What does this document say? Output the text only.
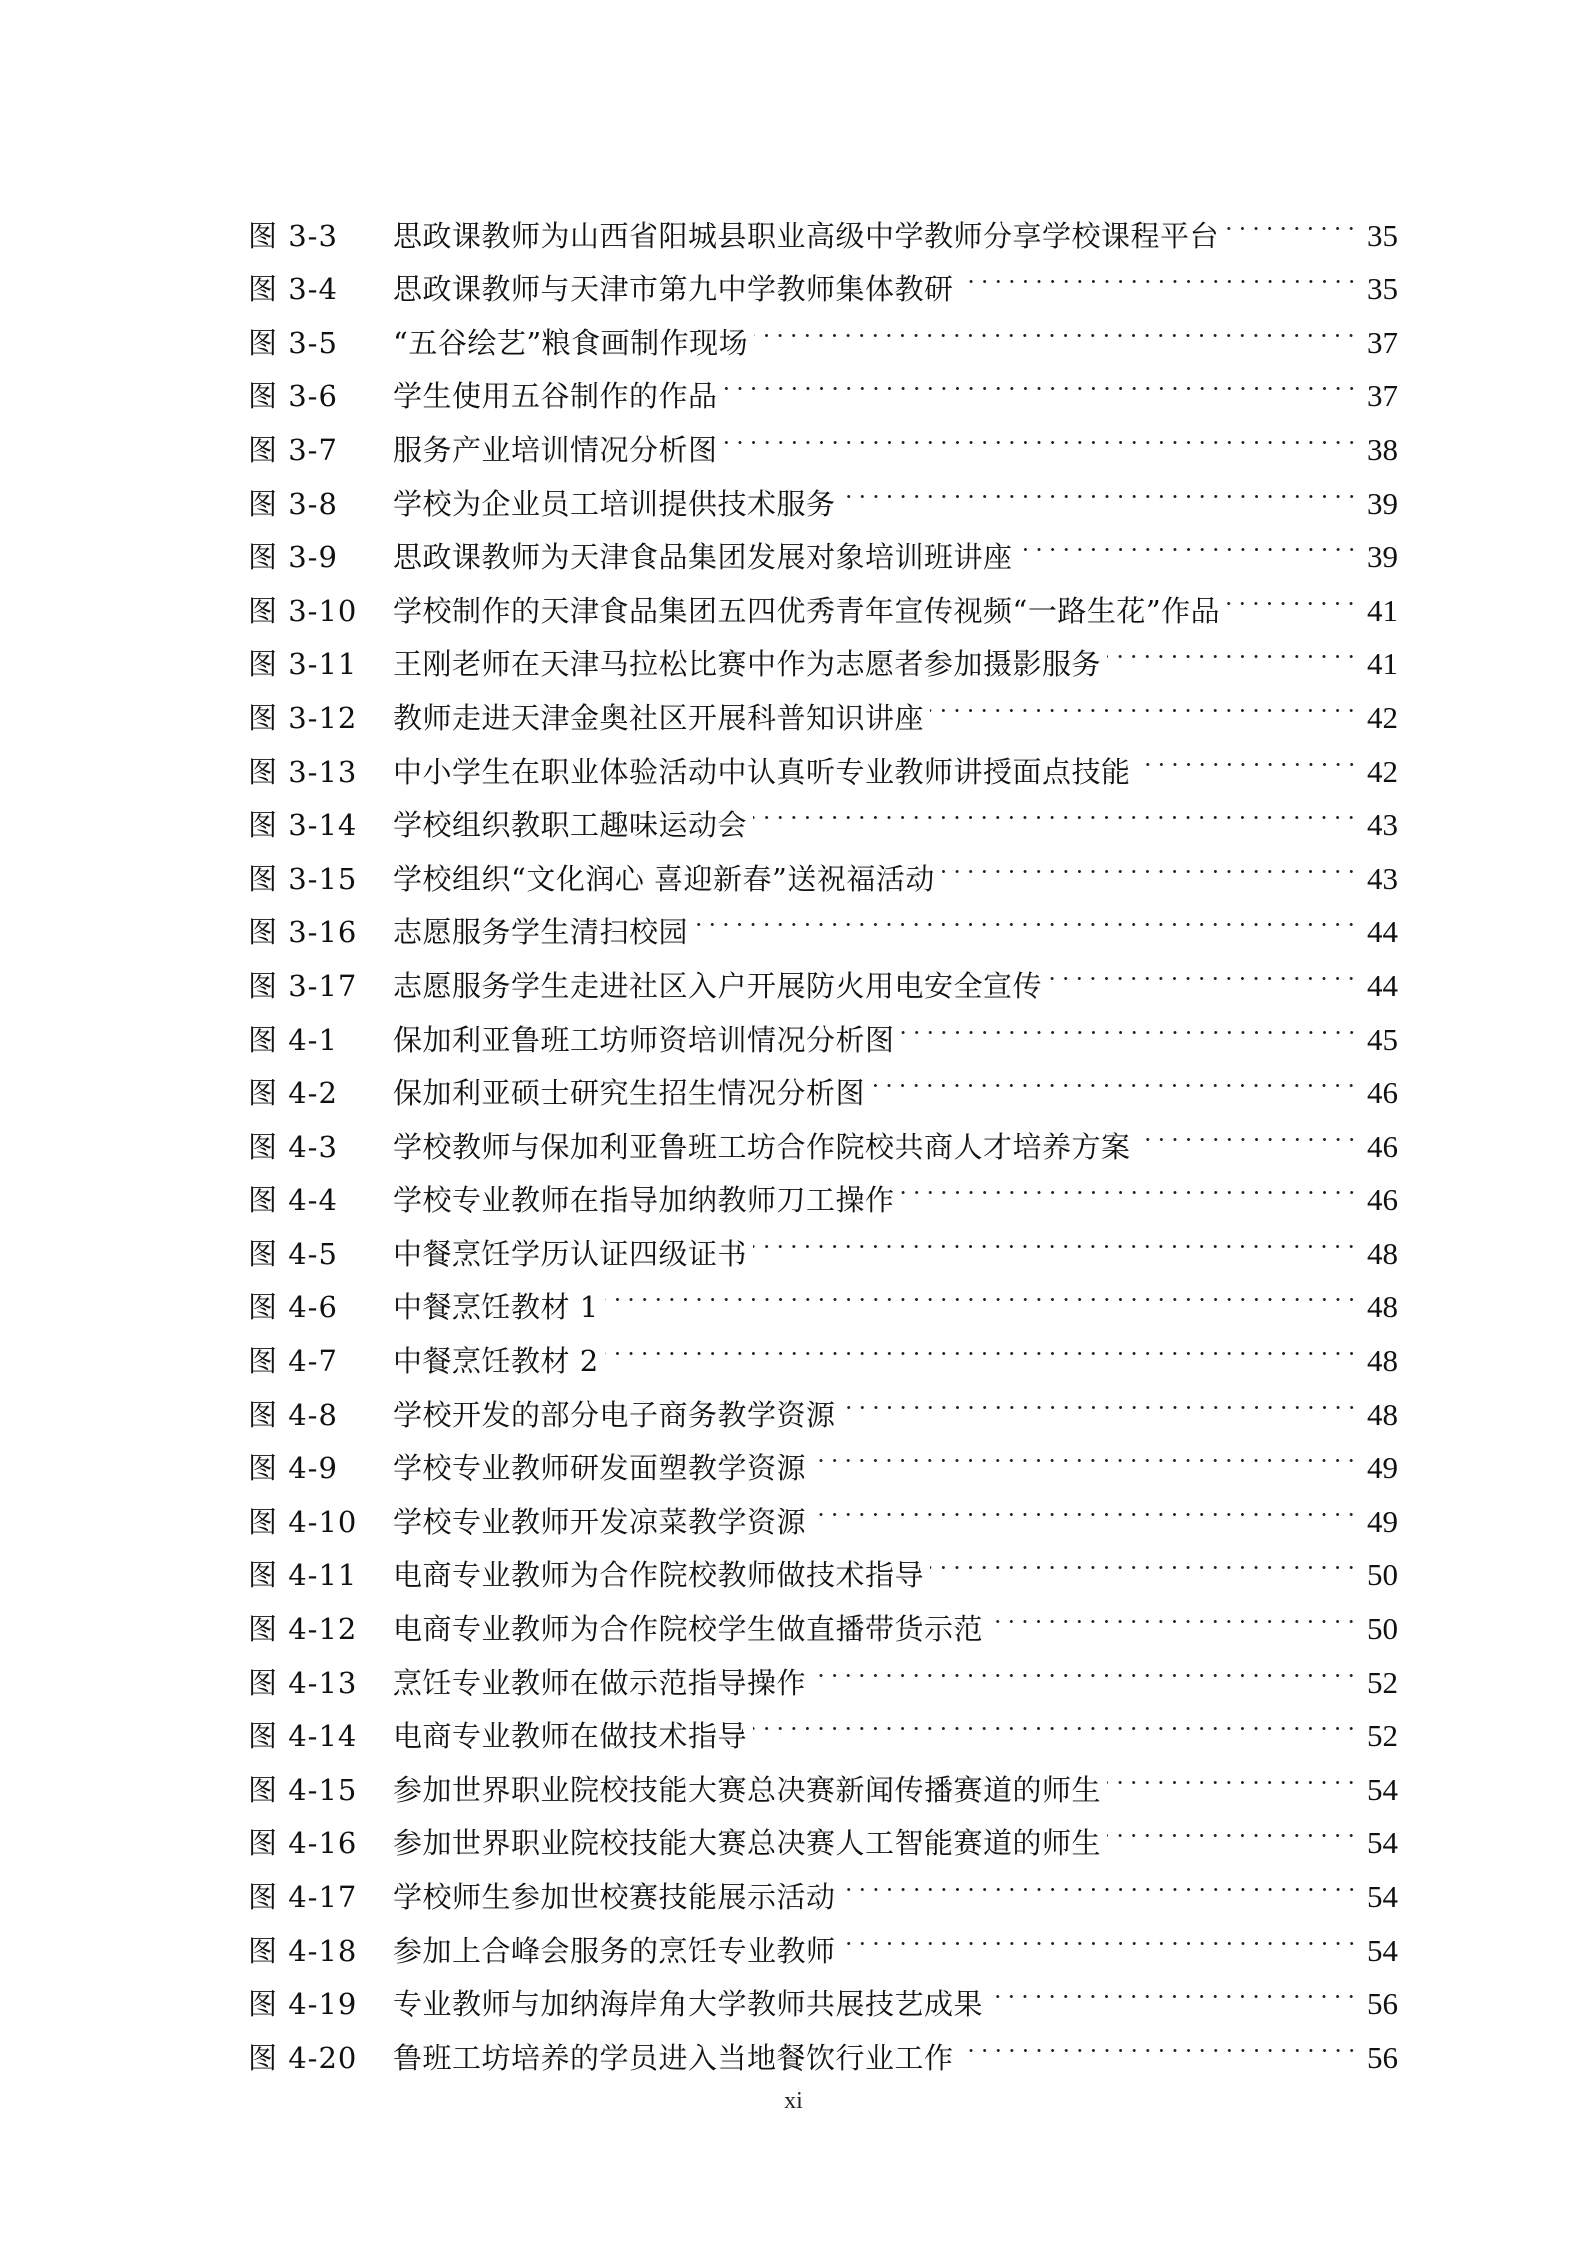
图 3-3	思政课教师为山西省阳城县职业高级中学教师分享学校课程平台	35
图 3-4	思政课教师与天津市第九中学教师集体教研	35
图 3-5	“五谷绘艺”粮食画制作现场	37
图 3-6	学生使用五谷制作的作品	37
图 3-7	服务产业培训情况分析图	38
图 3-8	学校为企业员工培训提供技术服务	39
图 3-9	思政课教师为天津食品集团发展对象培训班讲座	39
图 3-10	学校制作的天津食品集团五四优秀青年宣传视频“一路生花”作品	41
图 3-11	王刚老师在天津马拉松比赛中作为志愿者参加摄影服务	41
图 3-12	教师走进天津金奥社区开展科普知识讲座	42
图 3-13	中小学生在职业体验活动中认真听专业教师讲授面点技能	42
图 3-14	学校组织教职工趣味运动会	43
图 3-15	学校组织“文化润心 喜迎新春”送祝福活动	43
图 3-16	志愿服务学生清扫校园	44
图 3-17	志愿服务学生走进社区入户开展防火用电安全宣传	44
图 4-1	保加利亚鲁班工坊师资培训情况分析图	45
图 4-2	保加利亚硕士研究生招生情况分析图	46
图 4-3	学校教师与保加利亚鲁班工坊合作院校共商人才培养方案	46
图 4-4	学校专业教师在指导加纳教师刀工操作	46
图 4-5	中餐烹饪学历认证四级证书	48
图 4-6	中餐烹饪教材 1	48
图 4-7	中餐烹饪教材 2	48
图 4-8	学校开发的部分电子商务教学资源	48
图 4-9	学校专业教师研发面塑教学资源	49
图 4-10	学校专业教师开发凉菜教学资源	49
图 4-11	电商专业教师为合作院校教师做技术指导	50
图 4-12	电商专业教师为合作院校学生做直播带货示范	50
图 4-13	烹饪专业教师在做示范指导操作	52
图 4-14	电商专业教师在做技术指导	52
图 4-15	参加世界职业院校技能大赛总决赛新闻传播赛道的师生	54
图 4-16	参加世界职业院校技能大赛总决赛人工智能赛道的师生	54
图 4-17	学校师生参加世校赛技能展示活动	54
图 4-18	参加上合峰会服务的烹饪专业教师	54
图 4-19	专业教师与加纳海岸角大学教师共展技艺成果	56
图 4-20	鲁班工坊培养的学员进入当地餐饮行业工作	56
xi
